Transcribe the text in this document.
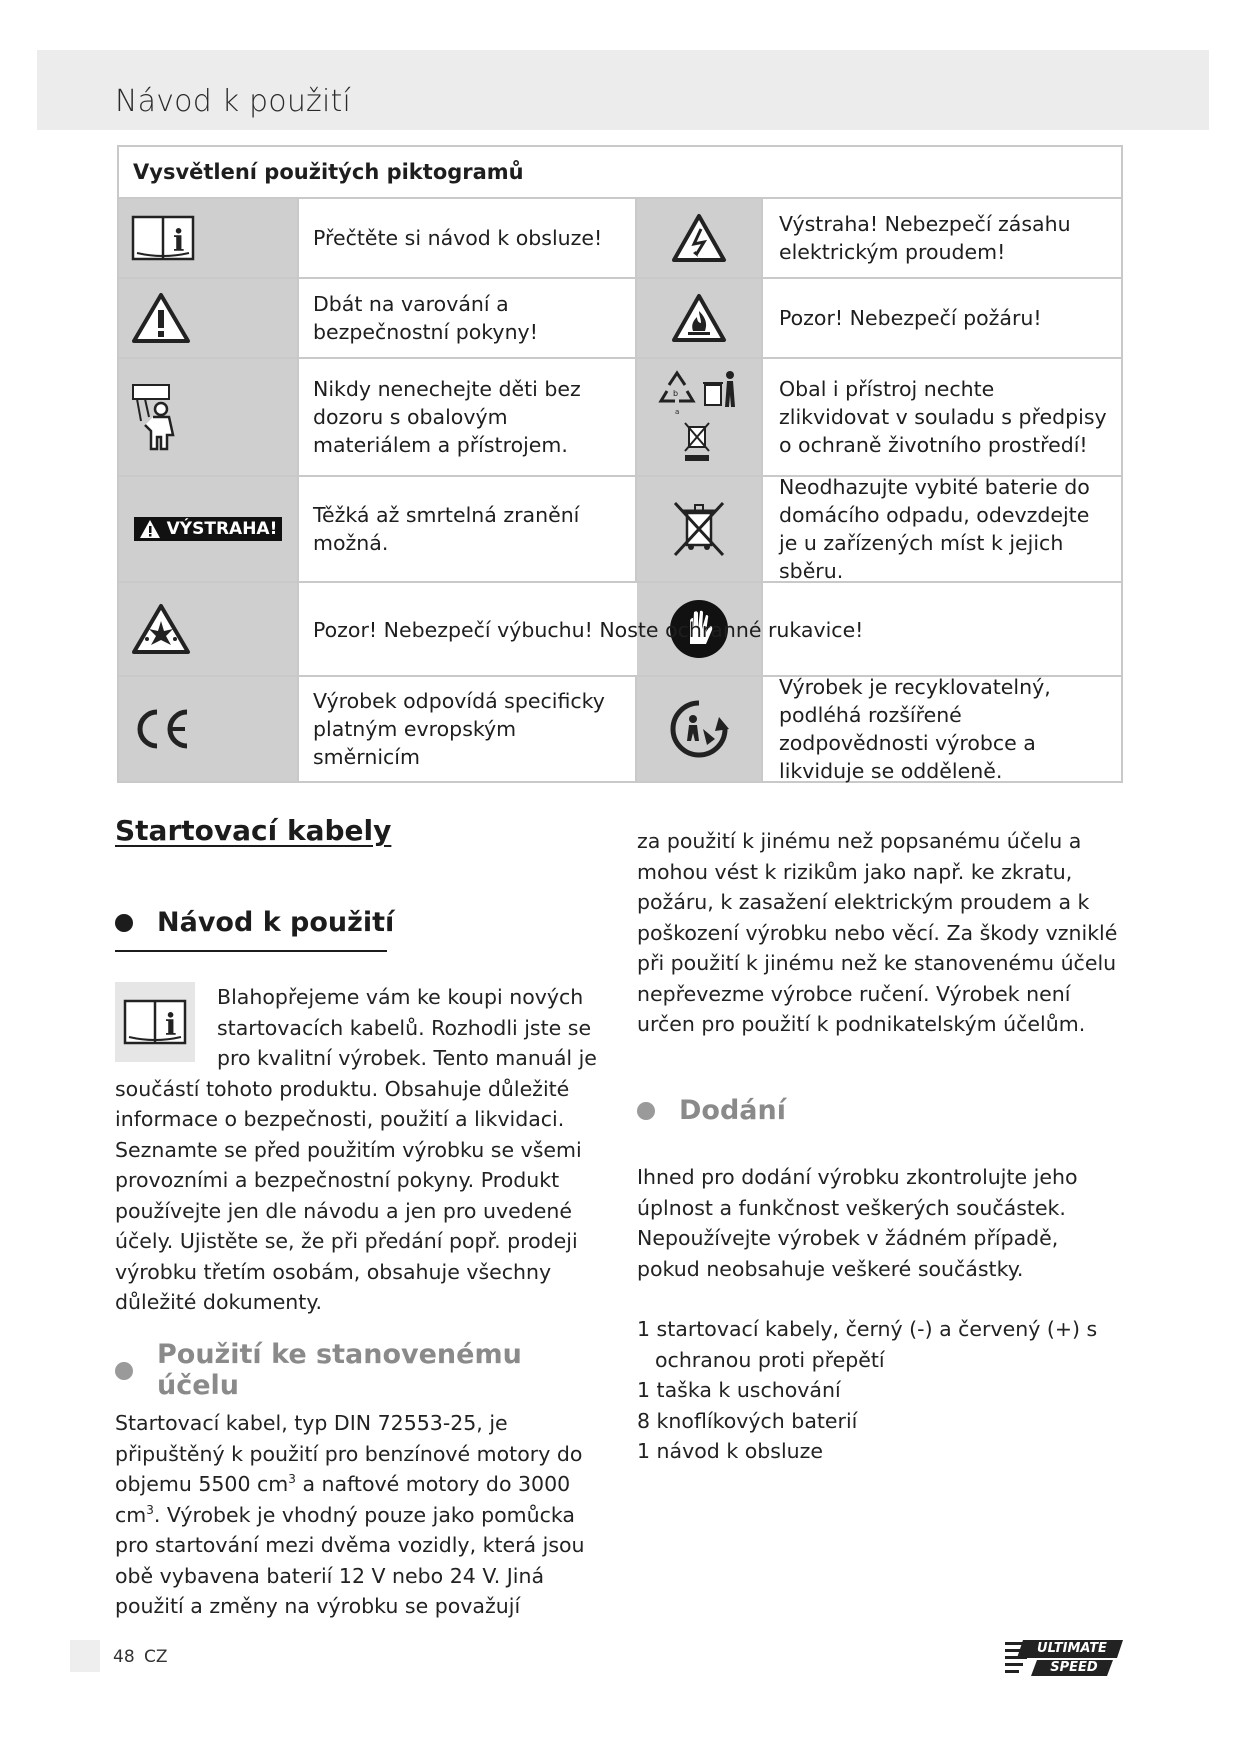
Návod k použití
Vysvětlení použitých piktogramů
i	Přečtěte si návod k obsluze!
Výstraha! Nebezpečí zásahu elektrickým proudem!
Dbát na varování a bezpečnostní pokyny!
Pozor! Nebezpečí požáru!
Nikdy nenechejte děti bez dozoru s obalovým materiálem a přístrojem.
b
a
Obal i přístroj nechte zlikvidovat v souladu s předpisy o ochraně životního prostředí!
VÝSTRAHA!
Těžká až smrtelná zranění možná.
Neodhazujte vybité baterie do domácího odpadu, odevzdejte je u zařízených míst k jejich sběru.
Pozor! Nebezpečí výbuchu! Noste ochranné rukavice!
Výrobek odpovídá specificky platným evropským směrnicím
Výrobek je recyklovatelný, podléhá rozšířené zodpovědnosti výrobce a likviduje se odděleně.
Startovací kabely
Návod k použití
i

Blahopřejeme vám ke koupi nových startovacích kabelů. Rozhodli jste se pro kvalitní výrobek. Tento manuál je součástí tohoto produktu. Obsahuje důležité informace o bezpečnosti, použití a likvidaci. Seznamte se před použitím výrobku se všemi provozními a bezpečnostní pokyny. Produkt používejte jen dle návodu a jen pro uvedené účely. Ujistěte se, že při předání popř. prodeji výrobku třetím osobám, obsahuje všechny důležité dokumenty.

Použití ke stanovenému účelu

Startovací kabel, typ DIN 72553-25, je připuštěný k použití pro benzínové motory do objemu 5500 $cm^3$ a naftové motory do 3000 $cm^3$. Výrobek je vhodný pouze jako pomůcka pro startování mezi dvěma vozidly, která jsou obě vybavena baterií 12 V nebo 24 V. Jiná použití a změny na výrobku se považují

za použití k jinému než popsanému účelu a mohou vést k rizikům jako např. ke zkratu, požáru, k zasažení elektrickým proudem a k poškození výrobku nebo věcí. Za škody vzniklé při použití k jinému než ke stanovenému účelu nepřevezme výrobce ručení. Výrobek není určen pro použití k podnikatelským účelům.

Dodání

Ihned pro dodání výrobku zkontrolujte jeho úplnost a funkčnost veškerých součástek. Nepoužívejte výrobek v žádném případě, pokud neobsahuje veškeré součástky.

1 startovací kabely, černý (-) a červený (+) s ochranou proti přepětí
1 taška k uschování
8 knoflíkových baterií
1 návod k obsluze
48 CZ	ULTIMATE
SPEED
